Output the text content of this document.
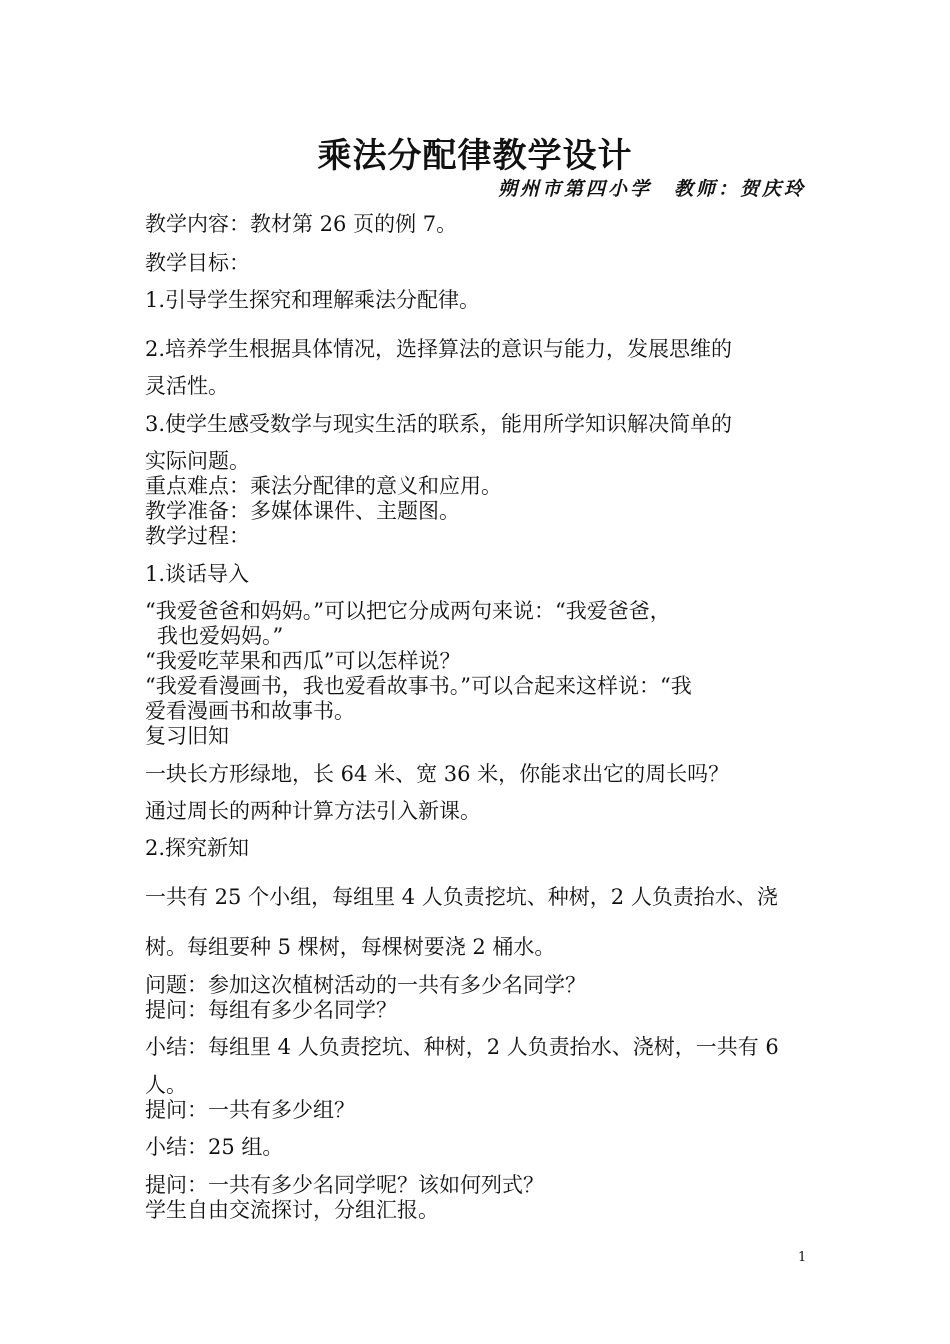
乘法分配律教学设计
朔州市第四小学　教师：贺庆玲
教学内容：教材第 26 页的例 7。
教学目标：
1.引导学生探究和理解乘法分配律。
2.培养学生根据具体情况，选择算法的意识与能力，发展思维的
灵活性。
3.使学生感受数学与现实生活的联系，能用所学知识解决简单的
实际问题。
重点难点：乘法分配律的意义和应用。
教学准备：多媒体课件、主题图。
教学过程：
1.谈话导入
“我爱爸爸和妈妈。”可以把它分成两句来说：“我爱爸爸，
我也爱妈妈。”
“我爱吃苹果和西瓜”可以怎样说？
“我爱看漫画书，我也爱看故事书。”可以合起来这样说：“我
爱看漫画书和故事书。
复习旧知
一块长方形绿地，长 64 米、宽 36 米，你能求出它的周长吗？
通过周长的两种计算方法引入新课。
2.探究新知
一共有 25 个小组，每组里 4 人负责挖坑、种树，2 人负责抬水、浇
树。每组要种 5 棵树，每棵树要浇 2 桶水。
问题：参加这次植树活动的一共有多少名同学？
提问：每组有多少名同学？
小结：每组里 4 人负责挖坑、种树，2 人负责抬水、浇树，一共有 6
人。
提问：一共有多少组？
小结：25 组。
提问：一共有多少名同学呢？该如何列式？
学生自由交流探讨，分组汇报。
1
